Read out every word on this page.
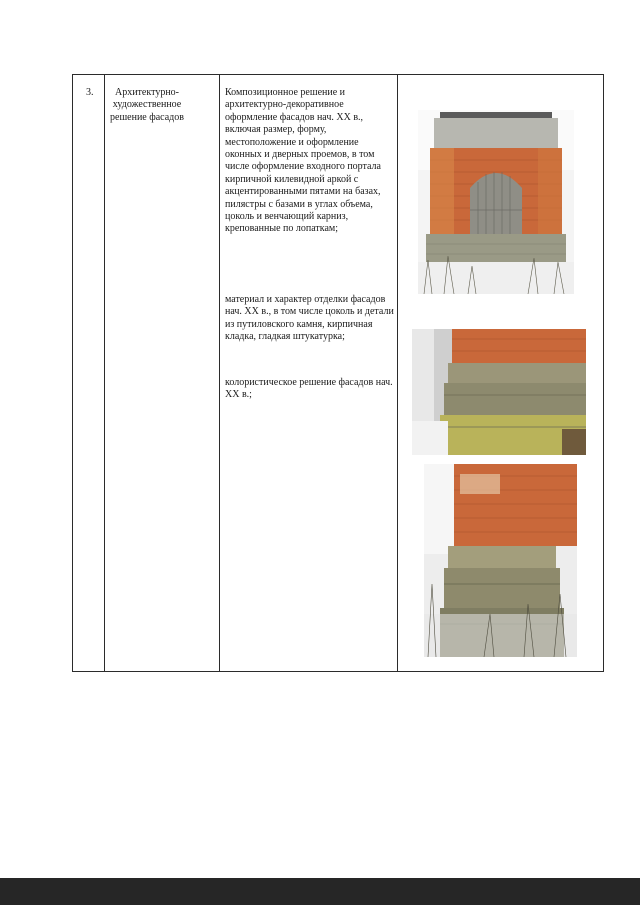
3.	Архитектурно-художественное решение фасадов
Композиционное решение и архитектурно-декоративное оформление фасадов нач. XX в., включая размер, форму, местоположение и оформление оконных и дверных проемов, в том числе оформление входного портала кирпичной килевидной аркой с акцентированными пятами на базах, пилястры с базами в углах объема, цоколь и венчающий карниз, крепованные по лопаткам;
материал и характер отделки фасадов нач. XX в., в том числе цоколь и детали из путиловского камня, кирпичная кладка, гладкая штукатурка;
колористическое решение фасадов нач. XX в.;
